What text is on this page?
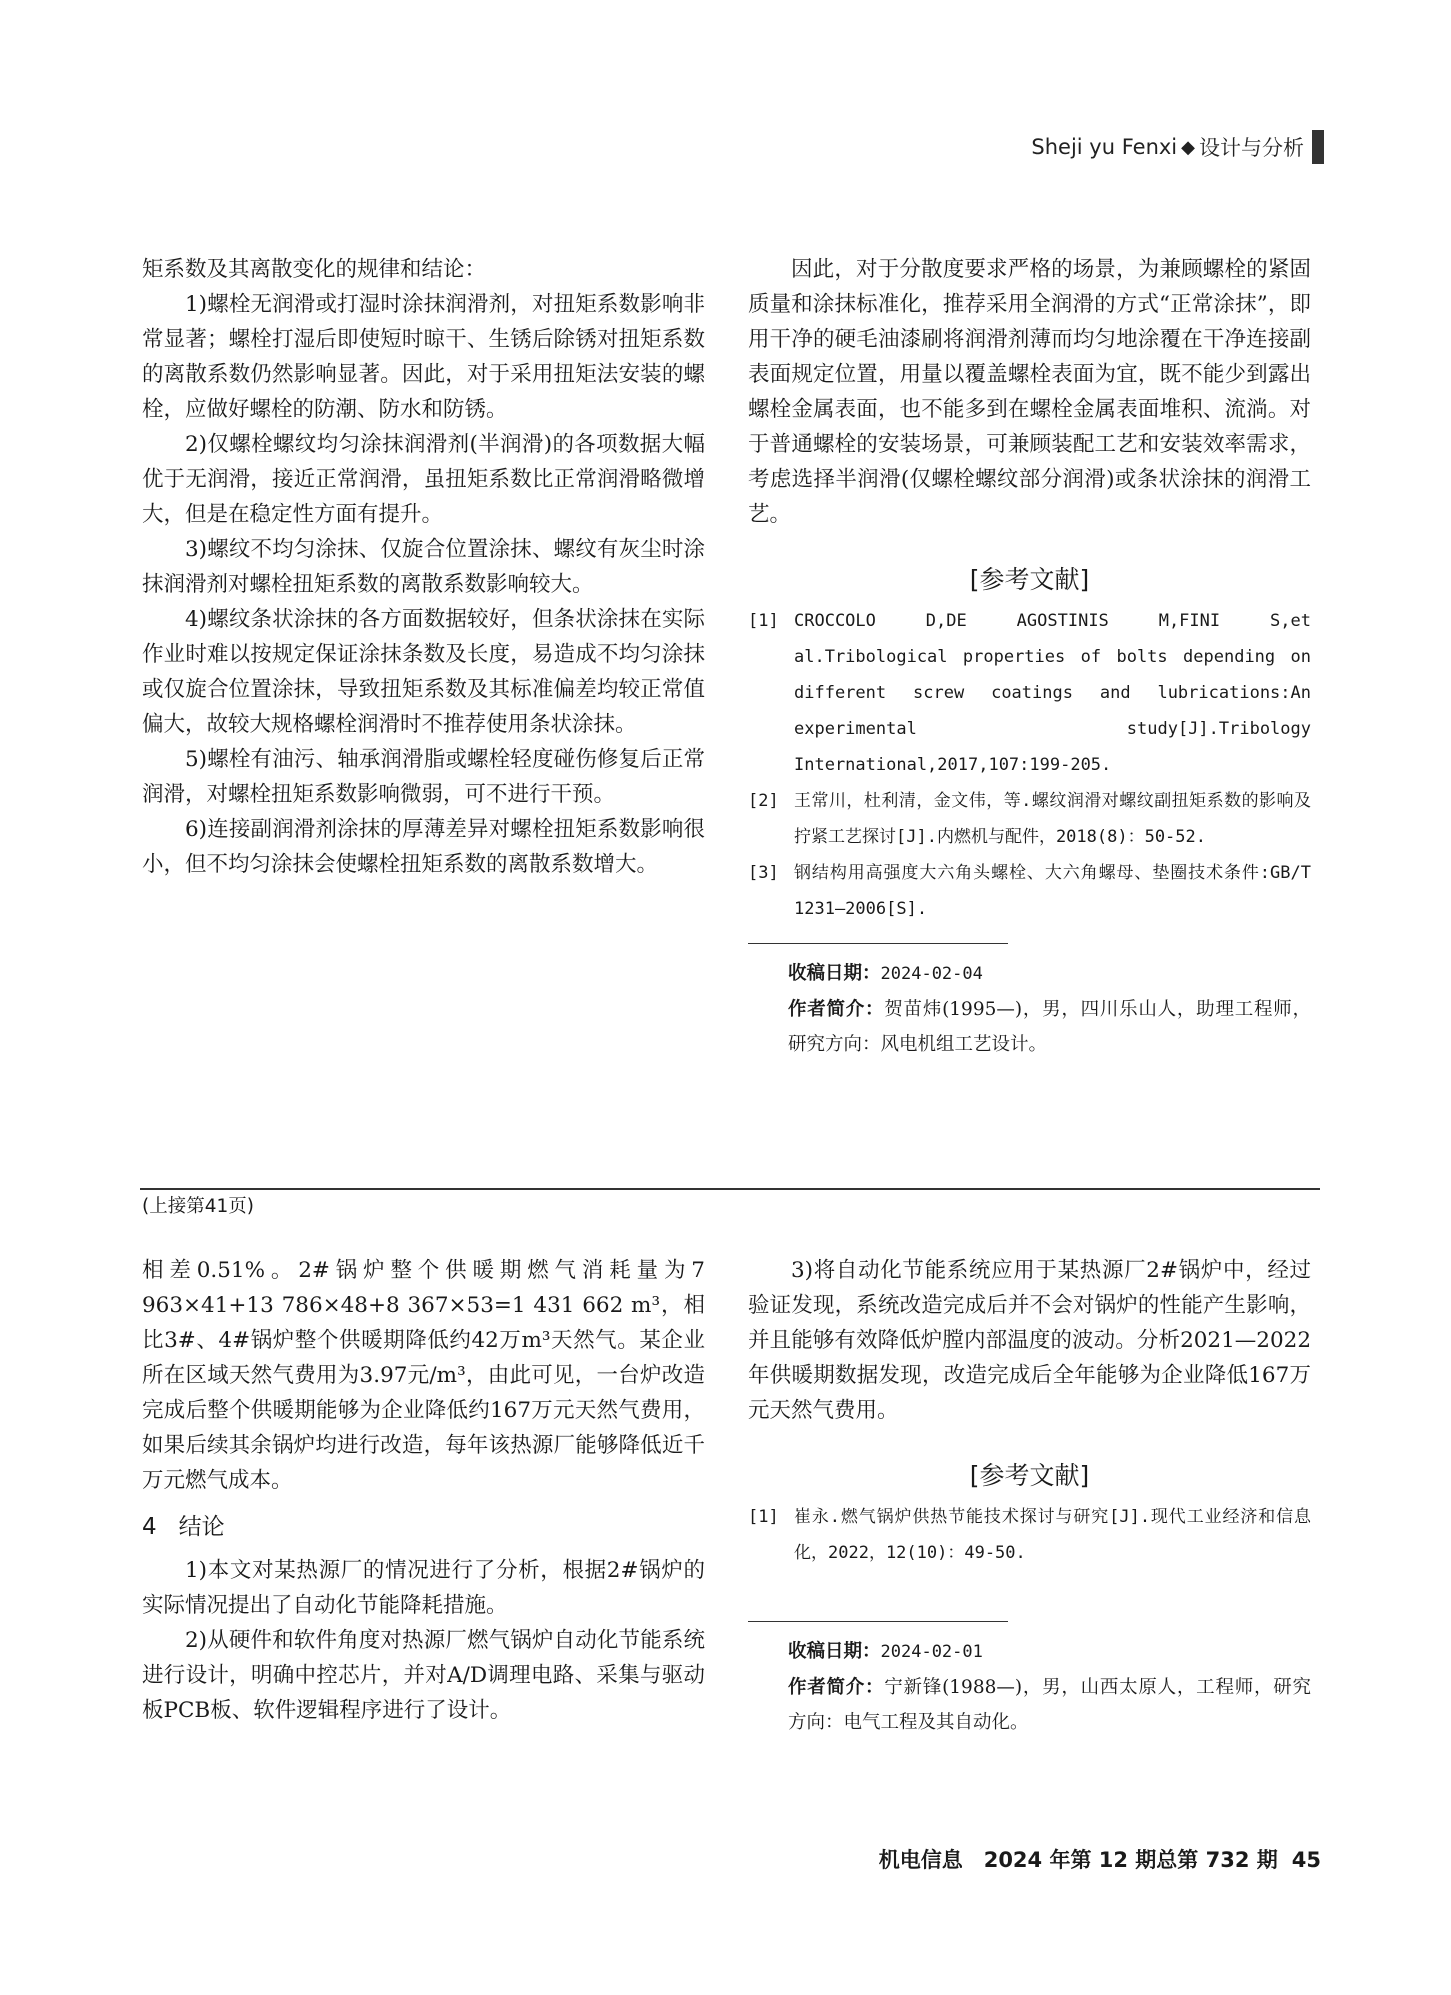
Sheji yu Fenxi ◆ 设计与分析

矩系数及其离散变化的规律和结论：

1)螺栓无润滑或打湿时涂抹润滑剂，对扭矩系数影响非常显著；螺栓打湿后即使短时晾干、生锈后除锈对扭矩系数的离散系数仍然影响显著。因此，对于采用扭矩法安装的螺栓，应做好螺栓的防潮、防水和防锈。

2)仅螺栓螺纹均匀涂抹润滑剂(半润滑)的各项数据大幅优于无润滑，接近正常润滑，虽扭矩系数比正常润滑略微增大，但是在稳定性方面有提升。

3)螺纹不均匀涂抹、仅旋合位置涂抹、螺纹有灰尘时涂抹润滑剂对螺栓扭矩系数的离散系数影响较大。

4)螺纹条状涂抹的各方面数据较好，但条状涂抹在实际作业时难以按规定保证涂抹条数及长度，易造成不均匀涂抹或仅旋合位置涂抹，导致扭矩系数及其标准偏差均较正常值偏大，故较大规格螺栓润滑时不推荐使用条状涂抹。

5)螺栓有油污、轴承润滑脂或螺栓轻度碰伤修复后正常润滑，对螺栓扭矩系数影响微弱，可不进行干预。

6)连接副润滑剂涂抹的厚薄差异对螺栓扭矩系数影响很小，但不均匀涂抹会使螺栓扭矩系数的离散系数增大。

因此，对于分散度要求严格的场景，为兼顾螺栓的紧固质量和涂抹标准化，推荐采用全润滑的方式“正常涂抹”，即用干净的硬毛油漆刷将润滑剂薄而均匀地涂覆在干净连接副表面规定位置，用量以覆盖螺栓表面为宜，既不能少到露出螺栓金属表面，也不能多到在螺栓金属表面堆积、流淌。对于普通螺栓的安装场景，可兼顾装配工艺和安装效率需求，考虑选择半润滑(仅螺栓螺纹部分润滑)或条状涂抹的润滑工艺。

[参考文献]

[1] CROCCOLO D,DE AGOSTINIS M,FINI S,et al.Tribological properties of bolts depending on different screw coatings and lubrications:An experimental study[J].Tribology International,2017,107:199-205.
[2] 王常川，杜利清，金文伟，等.螺纹润滑对螺纹副扭矩系数的影响及拧紧工艺探讨[J].内燃机与配件，2018(8)：50-52.
[3] 钢结构用高强度大六角头螺栓、大六角螺母、垫圈技术条件:GB/T 1231—2006[S].

收稿日期：2024-02-04

作者简介：贺苗炜(1995—)，男，四川乐山人，助理工程师，研究方向：风电机组工艺设计。

(上接第41页)

相差0.51%。2#锅炉整个供暖期燃气消耗量为7 963×41+13 786×48+8 367×53=1 431 662 m³，相比3#、4#锅炉整个供暖期降低约42万m³天然气。某企业所在区域天然气费用为3.97元/m³，由此可见，一台炉改造完成后整个供暖期能够为企业降低约167万元天然气费用，如果后续其余锅炉均进行改造，每年该热源厂能够降低近千万元燃气成本。

4 结论

1)本文对某热源厂的情况进行了分析，根据2#锅炉的实际情况提出了自动化节能降耗措施。

2)从硬件和软件角度对热源厂燃气锅炉自动化节能系统进行设计，明确中控芯片，并对A/D调理电路、采集与驱动板PCB板、软件逻辑程序进行了设计。

3)将自动化节能系统应用于某热源厂2#锅炉中，经过验证发现，系统改造完成后并不会对锅炉的性能产生影响，并且能够有效降低炉膛内部温度的波动。分析2021—2022年供暖期数据发现，改造完成后全年能够为企业降低167万元天然气费用。

[参考文献]

[1] 崔永.燃气锅炉供热节能技术探讨与研究[J].现代工业经济和信息化，2022，12(10)：49-50.

收稿日期：2024-02-01

作者简介：宁新锋(1988—)，男，山西太原人，工程师，研究方向：电气工程及其自动化。

机电信息　2024 年第 12 期总第 732 期 45
